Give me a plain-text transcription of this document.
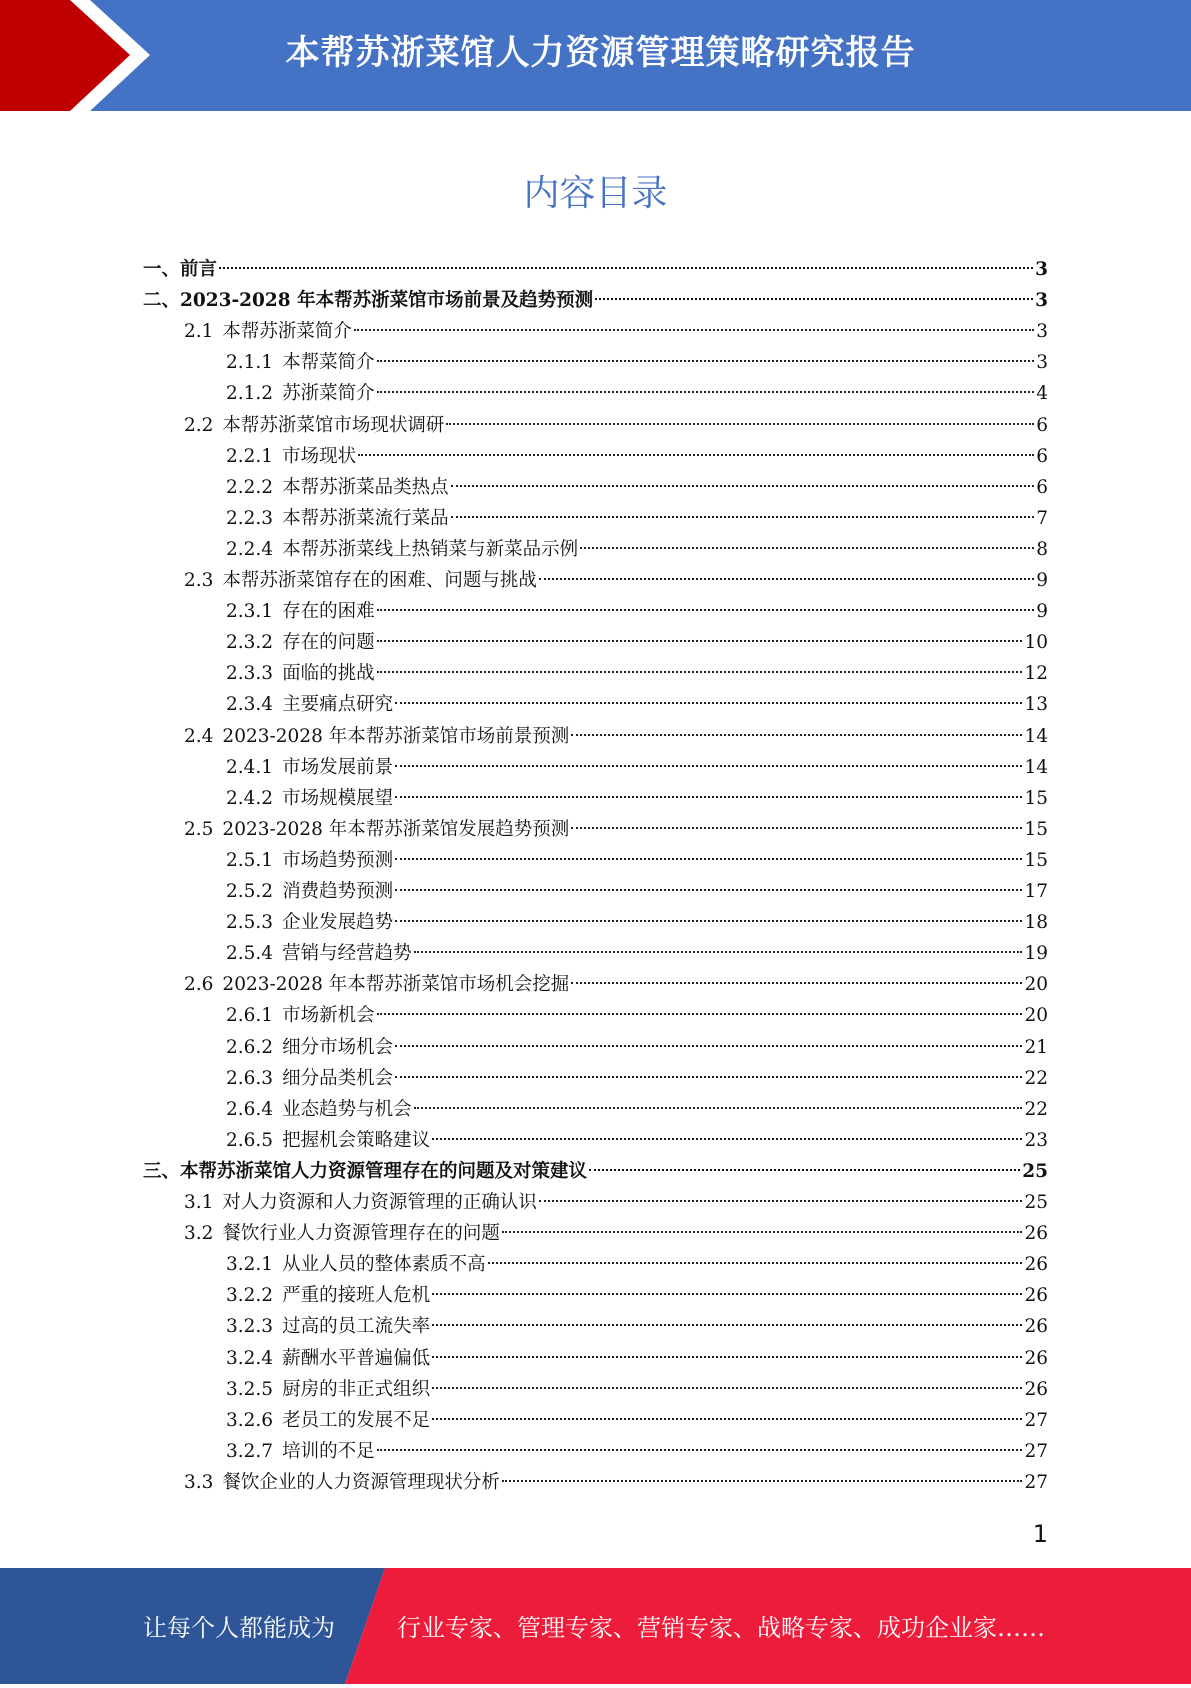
本帮苏浙菜馆人力资源管理策略研究报告
内容目录
一、 前言	3
二、 2023-2028 年本帮苏浙菜馆市场前景及趋势预测	3
2.1 本帮苏浙菜简介	3
2.1.1 本帮菜简介	3
2.1.2 苏浙菜简介	4
2.2 本帮苏浙菜馆市场现状调研	6
2.2.1 市场现状	6
2.2.2 本帮苏浙菜品类热点	6
2.2.3 本帮苏浙菜流行菜品	7
2.2.4 本帮苏浙菜线上热销菜与新菜品示例	8
2.3 本帮苏浙菜馆存在的困难、问题与挑战	9
2.3.1 存在的困难	9
2.3.2 存在的问题	10
2.3.3 面临的挑战	12
2.3.4 主要痛点研究	13
2.4 2023-2028 年本帮苏浙菜馆市场前景预测	14
2.4.1 市场发展前景	14
2.4.2 市场规模展望	15
2.5 2023-2028 年本帮苏浙菜馆发展趋势预测	15
2.5.1 市场趋势预测	15
2.5.2 消费趋势预测	17
2.5.3 企业发展趋势	18
2.5.4 营销与经营趋势	19
2.6 2023-2028 年本帮苏浙菜馆市场机会挖掘	20
2.6.1 市场新机会	20
2.6.2 细分市场机会	21
2.6.3 细分品类机会	22
2.6.4 业态趋势与机会	22
2.6.5 把握机会策略建议	23
三、 本帮苏浙菜馆人力资源管理存在的问题及对策建议	25
3.1 对人力资源和人力资源管理的正确认识	25
3.2 餐饮行业人力资源管理存在的问题	26
3.2.1 从业人员的整体素质不高	26
3.2.2 严重的接班人危机	26
3.2.3 过高的员工流失率	26
3.2.4 薪酬水平普遍偏低	26
3.2.5 厨房的非正式组织	26
3.2.6 老员工的发展不足	27
3.2.7 培训的不足	27
3.3 餐饮企业的人力资源管理现状分析	27
1
让每个人都能成为	行业专家、管理专家、营销专家、战略专家、成功企业家……
